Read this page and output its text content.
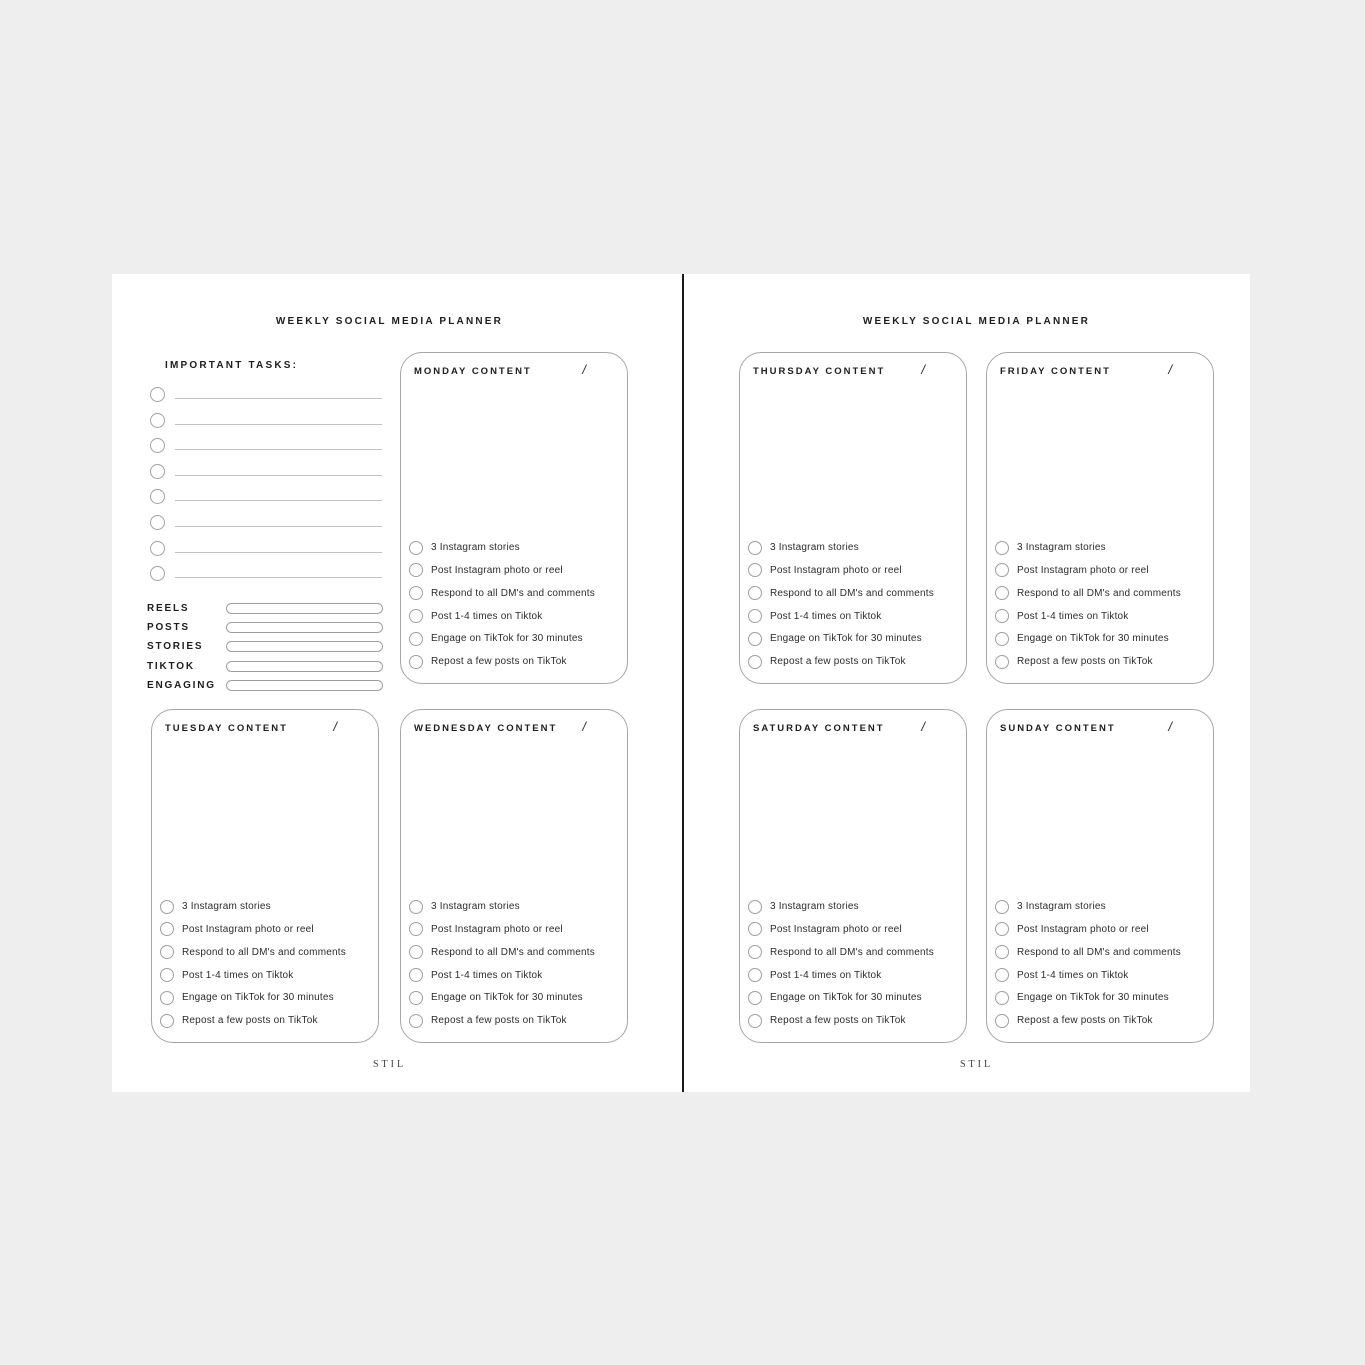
WEEKLY SOCIAL MEDIA PLANNER
IMPORTANT TASKS:
REELS
POSTS
STORIES
TIKTOK
ENGAGING
MONDAY CONTENT	/
3 Instagram stories
Post Instagram photo or reel
Respond to all DM's and comments
Post 1-4 times on Tiktok
Engage on TikTok for 30 minutes
Repost a few posts on TikTok
TUESDAY CONTENT	/
3 Instagram stories
Post Instagram photo or reel
Respond to all DM's and comments
Post 1-4 times on Tiktok
Engage on TikTok for 30 minutes
Repost a few posts on TikTok
WEDNESDAY CONTENT /
3 Instagram stories
Post Instagram photo or reel
Respond to all DM's and comments
Post 1-4 times on Tiktok
Engage on TikTok for 30 minutes
Repost a few posts on TikTok
STIL
WEEKLY SOCIAL MEDIA PLANNER
THURSDAY CONTENT	/
3 Instagram stories
Post Instagram photo or reel
Respond to all DM's and comments
Post 1-4 times on Tiktok
Engage on TikTok for 30 minutes
Repost a few posts on TikTok
FRIDAY CONTENT	/
3 Instagram stories
Post Instagram photo or reel
Respond to all DM's and comments
Post 1-4 times on Tiktok
Engage on TikTok for 30 minutes
Repost a few posts on TikTok
SATURDAY CONTENT	/
3 Instagram stories
Post Instagram photo or reel
Respond to all DM's and comments
Post 1-4 times on Tiktok
Engage on TikTok for 30 minutes
Repost a few posts on TikTok
SUNDAY CONTENT	/
3 Instagram stories
Post Instagram photo or reel
Respond to all DM's and comments
Post 1-4 times on Tiktok
Engage on TikTok for 30 minutes
Repost a few posts on TikTok
STIL
